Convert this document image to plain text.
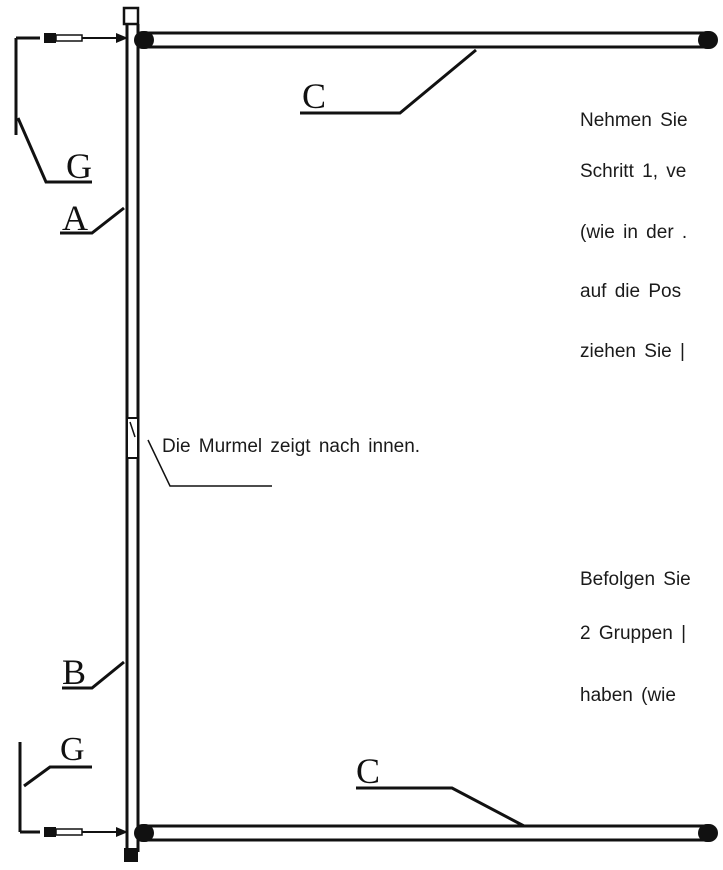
G
A
C
B
G
C
Die Murmel zeigt nach innen.
Nehmen Sie
Schritt 1, ve
(wie in der .
auf die Pos
ziehen Sie |
Befolgen Sie
2 Gruppen |
haben (wie
